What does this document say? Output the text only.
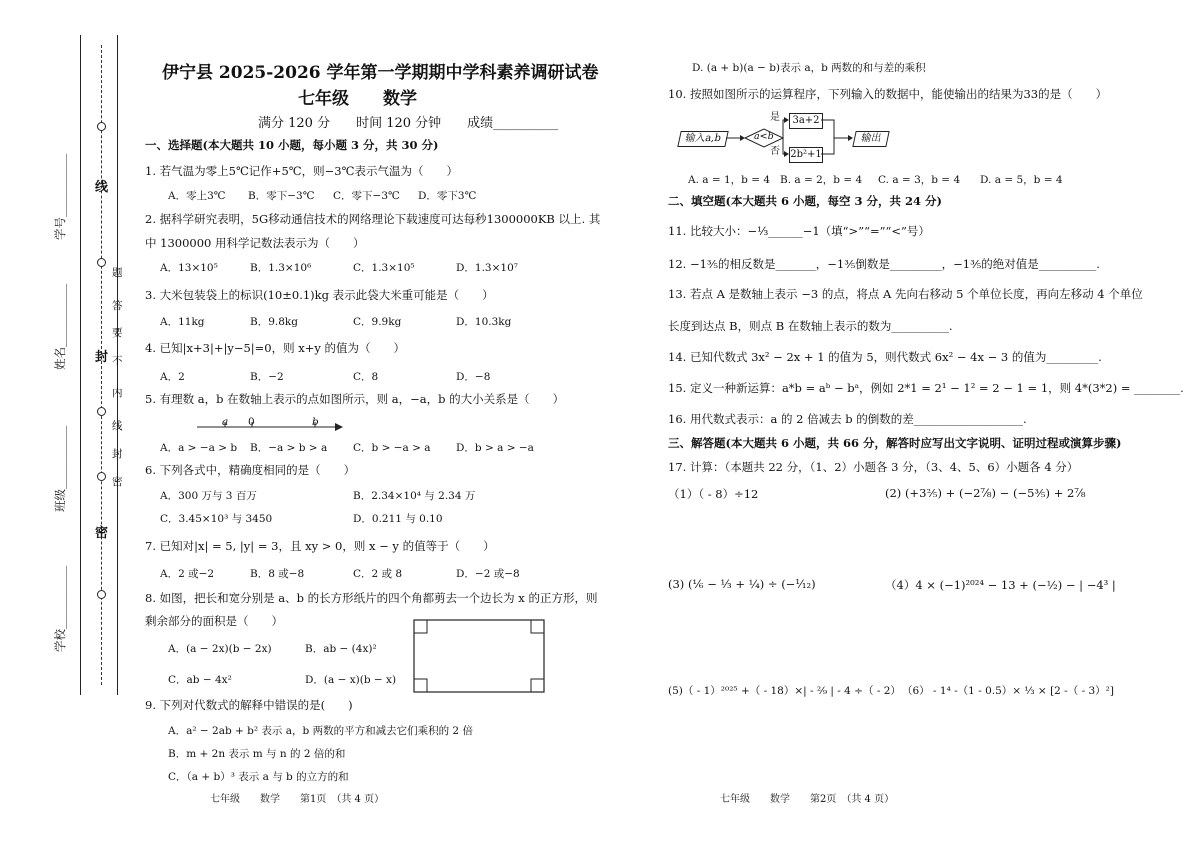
线
封
密
题
答
要
不
内
线
封
密
学号___________
姓名___________
班级___________
学校___________
伊宁县 2025-2026 学年第一学期期中学科素养调研试卷
七年级　　数学
满分 120 分　　时间 120 分钟　　成绩__________
一、选择题(本大题共 10 小题，每小题 3 分，共 30 分)
1. 若气温为零上5℃记作+5℃，则−3℃表示气温为（　　）
A．零上3℃ B．零下−3℃ C．零下−3℃ D．零下3℃
2. 据科学研究表明，5G移动通信技术的网络理论下载速度可达每秒1300000KB 以上. 其
中 1300000 用科学记数法表示为（　　）
A．13×10⁵	B．1.3×10⁶	C．1.3×10⁵	D．1.3×10⁷
3. 大米包装袋上的标识(10±0.1)kg 表示此袋大米重可能是（　　）
A．11kg	B．9.8kg	C．9.9kg	D．10.3kg
4. 已知|x+3|+|y−5|=0，则 x+y 的值为（　　）
A．2	B．−2	C．8	D．−8
5. 有理数 a，b 在数轴上表示的点如图所示，则 a，−a，b 的大小关系是（　　）
a 0	b
A．a > −a > b B．−a > b > a C．b > −a > a D．b > a > −a
6. 下列各式中，精确度相同的是（　　）
A．300 万与 3 百万	B．2.34×10⁴ 与 2.34 万
C．3.45×10³ 与 3450	D．0.211 与 0.10
7. 已知对|x| = 5, |y| = 3，且 xy > 0，则 x − y 的值等于（　　）
A．2 或−2	B．8 或−8	C．2 或 8	D．−2 或−8
8. 如图，把长和宽分别是 a、b 的长方形纸片的四个角都剪去一个边长为 x 的正方形，则
剩余部分的面积是（　　）
A．(a − 2x)(b − 2x)	B．ab − (4x)²
C．ab − 4x²	D．(a − x)(b − x)
9. 下列对代数式的解释中错误的是(　　)
A．a² − 2ab + b² 表示 a，b 两数的平方和减去它们乘积的 2 倍
B．m + 2n 表示 m 与 n 的 2 倍的和
C．（a + b）³ 表示 a 与 b 的立方的和
七年级　　数学　　第1页　（共 4 页）
D. (a + b)(a − b)表示 a，b 两数的和与差的乘积
10. 按照如图所示的运算程序，下列输入的数据中，能使输出的结果为33的是（　　）
输入a,b	a<b
是
否
3a+2
2b²+1
输出
A. a = 1，b = 4 B. a = 2，b = 4 C. a = 3，b = 4 D. a = 5，b = 4
二、填空题(本大题共 6 小题，每空 3 分，共 24 分)
11. 比较大小：−⅓______−1（填“>”“=”“<”号）
12. −1⅗的相反数是_______，−1⅗倒数是_________，−1⅗的绝对值是__________.
13. 若点 A 是数轴上表示 −3 的点，将点 A 先向右移动 5 个单位长度，再向左移动 4 个单位
长度到达点 B，则点 B 在数轴上表示的数为__________.
14. 已知代数式 3x² − 2x + 1 的值为 5，则代数式 6x² − 4x − 3 的值为_________.
15. 定义一种新运算：a*b = aᵇ − bᵃ，例如 2*1 = 2¹ − 1² = 2 − 1 = 1，则 4*(3*2) = ________.
16. 用代数式表示：a 的 2 倍减去 b 的倒数的差___________________.
三、解答题(本大题共 6 小题，共 66 分，解答时应写出文字说明、证明过程或演算步骤)
17. 计算：（本题共 22 分，（1、2）小题各 3 分，（3、4、5、6）小题各 4 分）
（1）（ - 8）÷12	(2) (+3⅖) + (−2⁷⁄₈) − (−5⅗) + 2⁷⁄₈
(3) (⅙ − ⅓ + ¼) ÷ (−¹⁄₁₂)	（4）4 × (−1)²⁰²⁴ − 13 + (−½) − | −4³ |
(5)（ - 1）²⁰²⁵ +（ - 18）×| - ²⁄₉ | - 4 ÷（ - 2） （6） - 1⁴ -（1 - 0.5）× ⅓ × [2 -（ - 3）²]
七年级　　数学　　第2页　（共 4 页）
